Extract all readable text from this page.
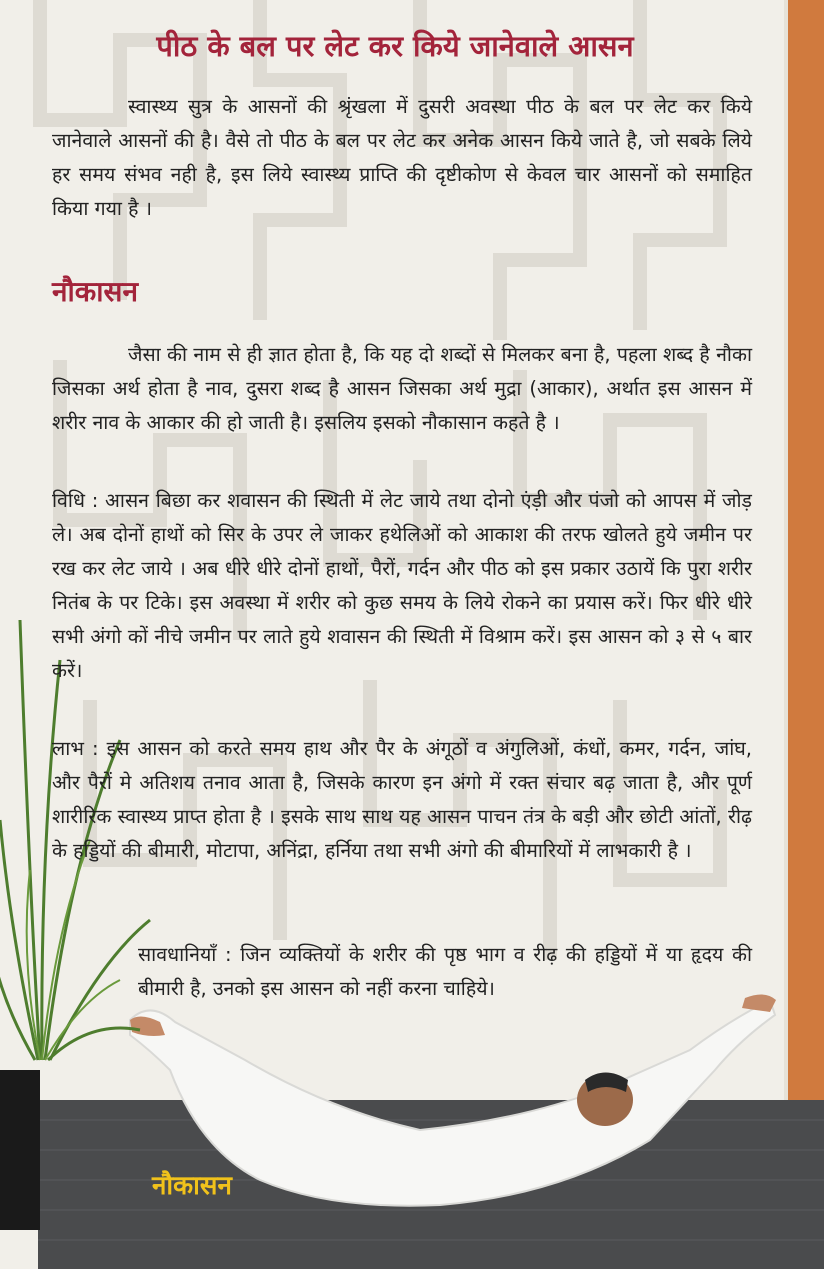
पीठ के बल पर लेट कर किये जानेवाले आसन

स्वास्थ्य सुत्र के आसनों की श्रृंखला में दुसरी अवस्था पीठ के बल पर लेट कर किये जानेवाले आसनों की है। वैसे तो पीठ के बल पर लेट कर अनेक आसन किये जाते है, जो सबके लिये हर समय संभव नही है, इस लिये स्वास्थ्य प्राप्ति की दृष्टीकोण से केवल चार आसनों को समाहित किया गया है ।

नौकासन

जैसा की नाम से ही ज्ञात होता है, कि यह दो शब्दों से मिलकर बना है, पहला शब्द है नौका जिसका अर्थ होता है नाव, दुसरा शब्द है आसन जिसका अर्थ मुद्रा (आकार), अर्थात इस आसन में शरीर नाव के आकार की हो जाती है। इसलिय इसको नौकासान कहते है ।

विधि : आसन बिछा कर शवासन की स्थिती में लेट जाये तथा दोनो एंड़ी और पंजो को आपस में जोड़ ले। अब दोनों हाथों को सिर के उपर ले जाकर हथेलिओं को आकाश की तरफ खोलते हुये जमीन पर रख कर लेट जाये । अब धीरे धीरे दोनों हाथों, पैरों, गर्दन और पीठ को इस प्रकार उठायें कि पुरा शरीर नितंब के पर टिके। इस अवस्था में शरीर को कुछ समय के लिये रोकने का प्रयास करें। फिर धीरे धीरे सभी अंगो कों नीचे जमीन पर लाते हुये शवासन की स्थिती में विश्राम करें। इस आसन को ३ से ५ बार करें।

लाभ : इस आसन को करते समय हाथ और पैर के अंगूठों व अंगुलिओं, कंधों, कमर, गर्दन, जांघ, और पैरों मे अतिशय तनाव आता है, जिसके कारण इन अंगो में रक्त संचार बढ़ जाता है, और पूर्ण शारीरिक स्वास्थ्य प्राप्त होता है । इसके साथ साथ यह आसन पाचन तंत्र के बड़ी और छोटी आंतों, रीढ़ के हड्डियों की बीमारी, मोटापा, अनिंद्रा, हर्निया तथा सभी अंगो की बीमारियों में लाभकारी है ।

सावधानियाँ : जिन व्यक्तियों के शरीर की पृष्ठ भाग व रीढ़ की हड्डियों में या हृदय की बीमारी है, उनको इस आसन को नहीं करना चाहिये।

नौकासन
